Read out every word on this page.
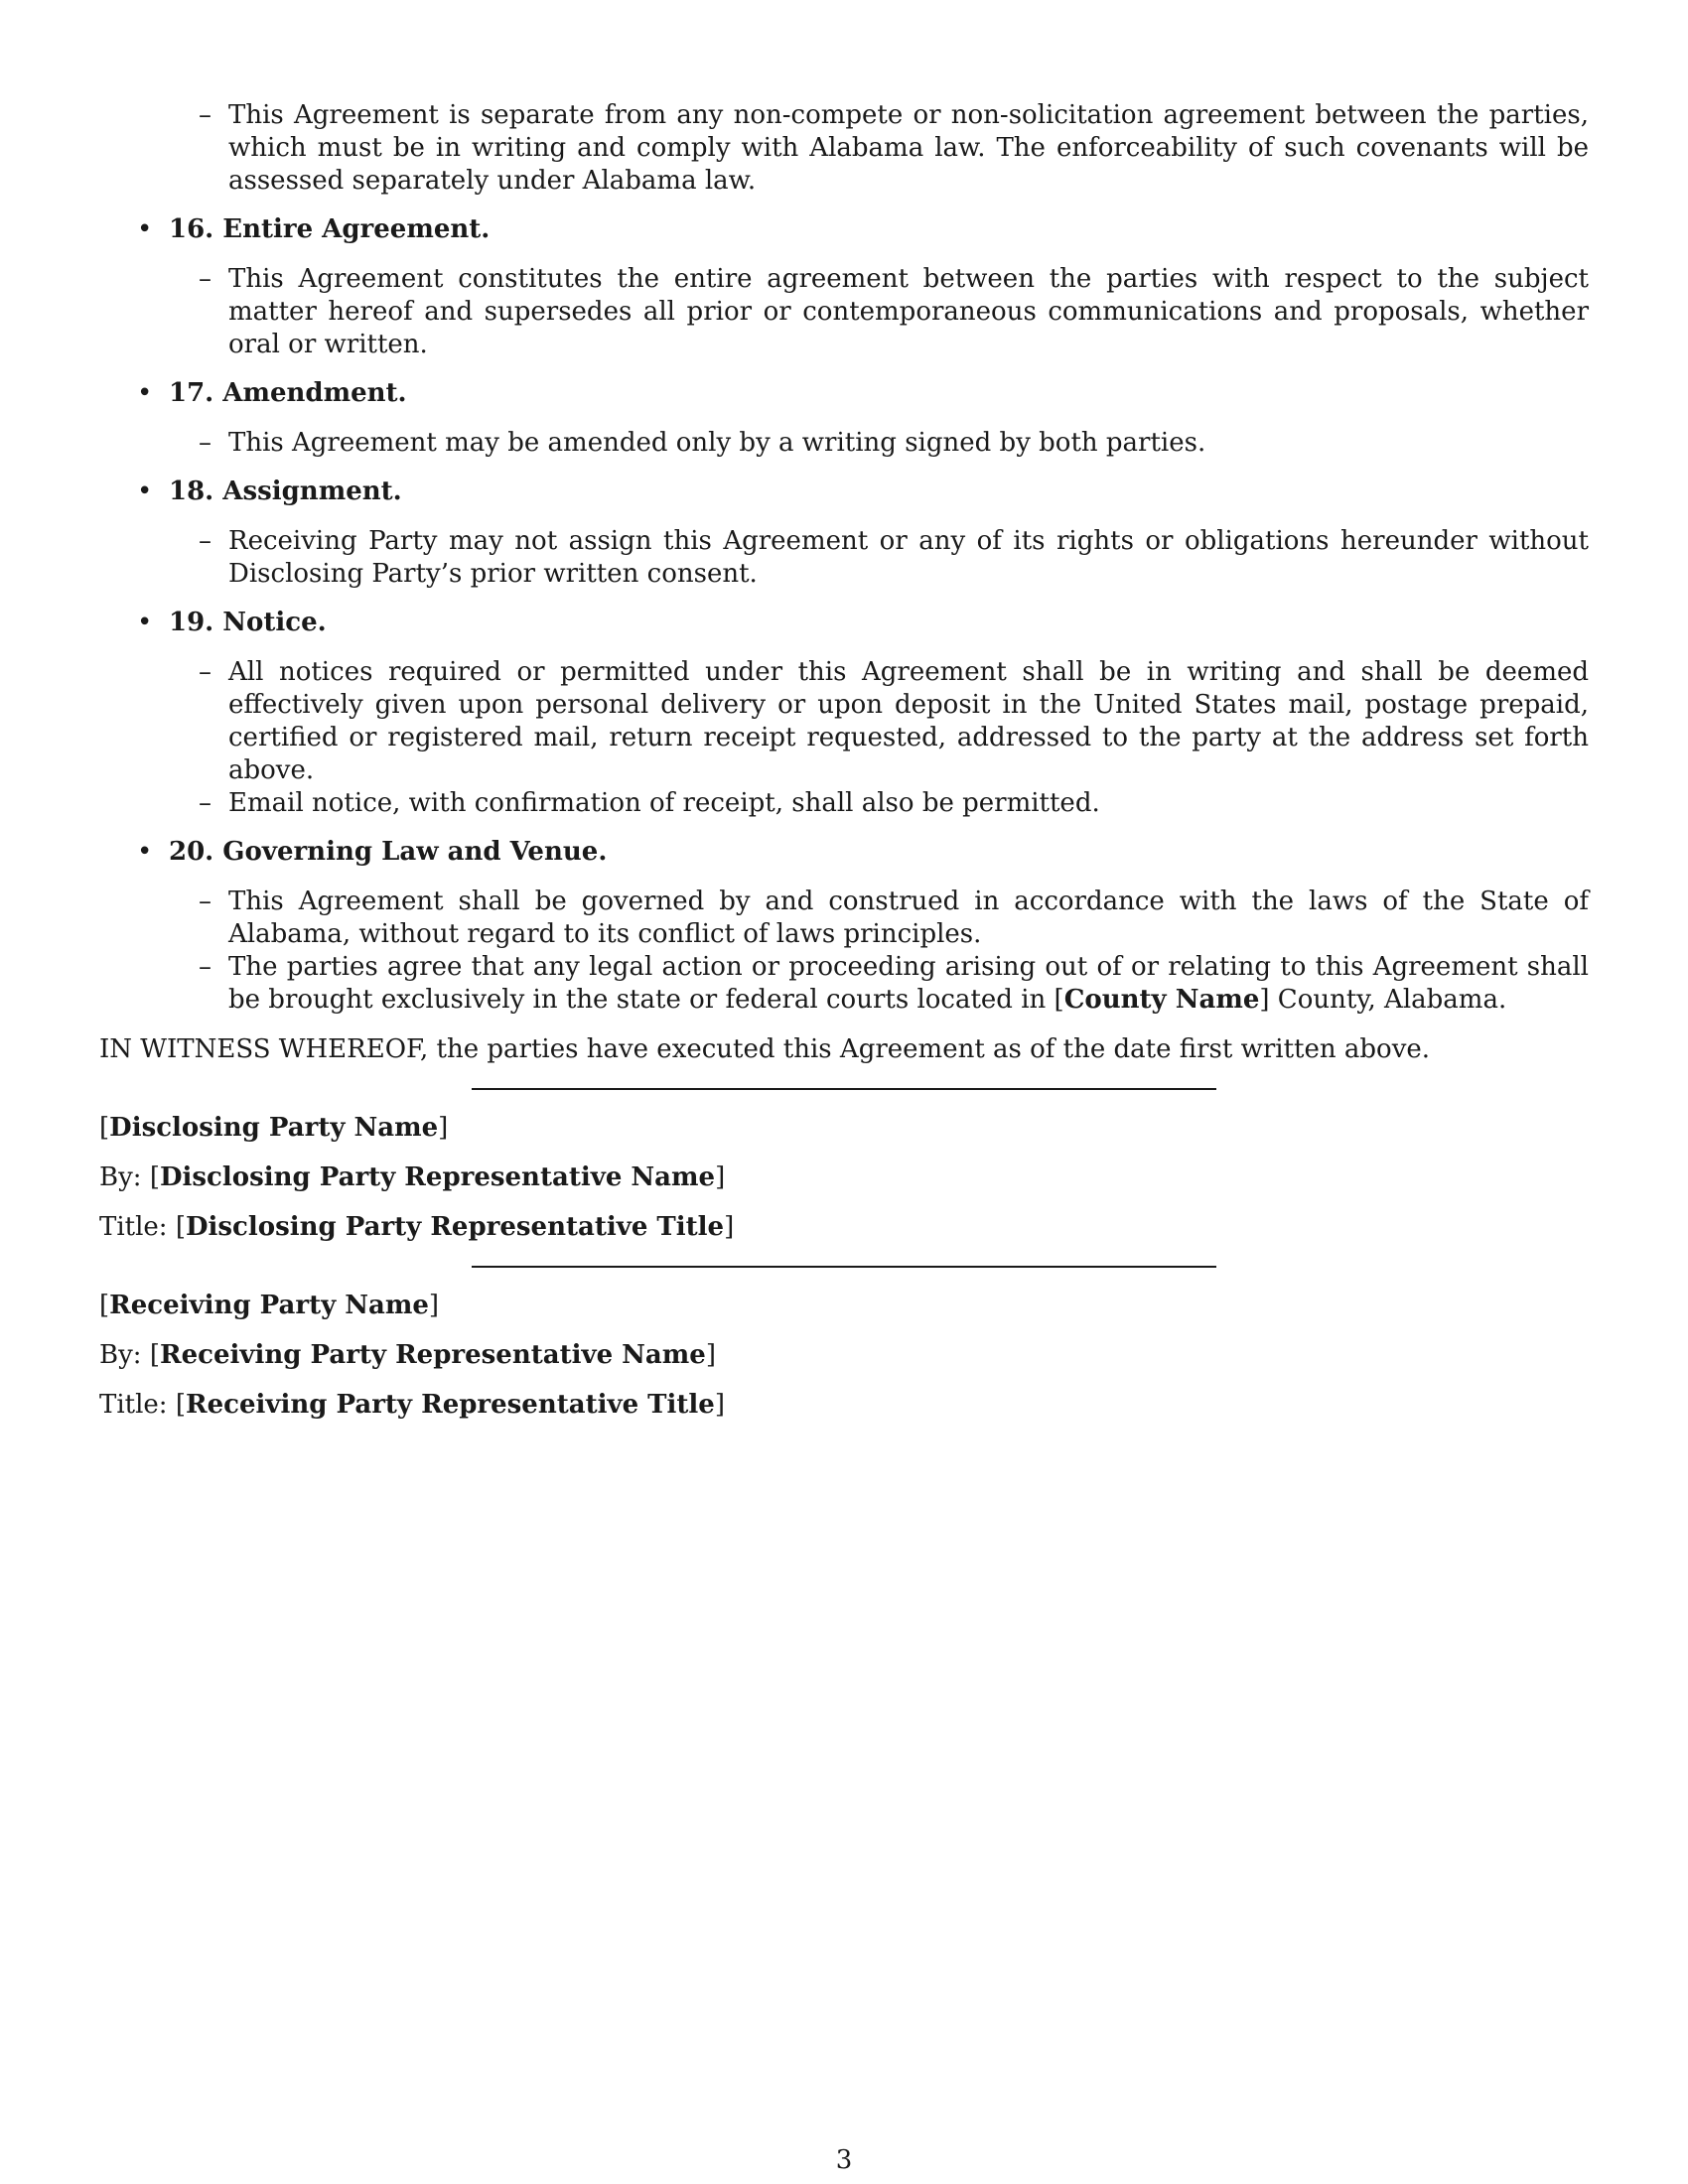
– This Agreement is separate from any non-compete or non-solicitation agreement between the parties, which must be in writing and comply with Alabama law. The enforceability of such covenants will be assessed separately under Alabama law.
• 16. Entire Agreement.
– This Agreement constitutes the entire agreement between the parties with respect to the subject matter hereof and supersedes all prior or contemporaneous communications and proposals, whether oral or written.
• 17. Amendment.
– This Agreement may be amended only by a writing signed by both parties.
• 18. Assignment.
– Receiving Party may not assign this Agreement or any of its rights or obligations hereunder without Disclosing Party’s prior written consent.
• 19. Notice.
– All notices required or permitted under this Agreement shall be in writing and shall be deemed effectively given upon personal delivery or upon deposit in the United States mail, postage prepaid, certified or registered mail, return receipt requested, addressed to the party at the address set forth above.
– Email notice, with confirmation of receipt, shall also be permitted.
• 20. Governing Law and Venue.
– This Agreement shall be governed by and construed in accordance with the laws of the State of Alabama, without regard to its conflict of laws principles.
– The parties agree that any legal action or proceeding arising out of or relating to this Agreement shall be brought exclusively in the state or federal courts located in [County Name] County, Alabama.
IN WITNESS WHEREOF, the parties have executed this Agreement as of the date first written above.
[Disclosing Party Name]
By: [Disclosing Party Representative Name]
Title: [Disclosing Party Representative Title]
[Receiving Party Name]
By: [Receiving Party Representative Name]
Title: [Receiving Party Representative Title]
3
